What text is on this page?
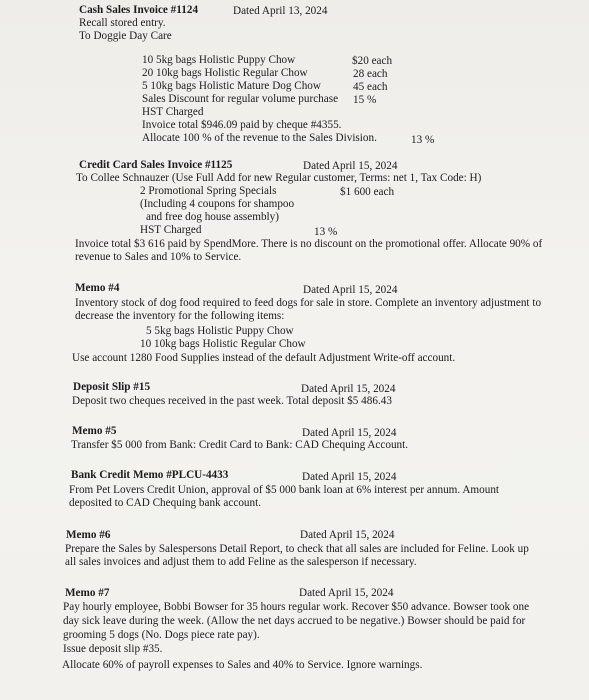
Cash Sales Invoice #1124	Dated April 13, 2024
Recall stored entry.
To Doggie Day Care
10 5kg bags Holistic Puppy Chow	$20 each
20 10kg bags Holistic Regular Chow	28 each
5 10kg bags Holistic Mature Dog Chow	45 each
Sales Discount for regular volume purchase 15 %
HST Charged
Invoice total $946.09 paid by cheque #4355.
Allocate 100 % of the revenue to the Sales Division.	13 %
Credit Card Sales Invoice #1125	Dated April 15, 2024
To Collee Schnauzer (Use Full Add for new Regular customer, Terms: net 1, Tax Code: H)
2 Promotional Spring Specials	$1 600 each
(Including 4 coupons for shampoo
and free dog house assembly)
HST Charged	13 %
Invoice total $3 616 paid by SpendMore. There is no discount on the promotional offer. Allocate 90% of
revenue to Sales and 10% to Service.
Memo #4	Dated April 15, 2024
Inventory stock of dog food required to feed dogs for sale in store. Complete an inventory adjustment to
decrease the inventory for the following items:
5 5kg bags Holistic Puppy Chow
10 10kg bags Holistic Regular Chow
Use account 1280 Food Supplies instead of the default Adjustment Write-off account.
Deposit Slip #15	Dated April 15, 2024
Deposit two cheques received in the past week. Total deposit $5 486.43
Memo #5	Dated April 15, 2024
Transfer $5 000 from Bank: Credit Card to Bank: CAD Chequing Account.
Bank Credit Memo #PLCU-4433	Dated April 15, 2024
From Pet Lovers Credit Union, approval of $5 000 bank loan at 6% interest per annum. Amount
deposited to CAD Chequing bank account.
Memo #6	Dated April 15, 2024
Prepare the Sales by Salespersons Detail Report, to check that all sales are included for Feline. Look up
all sales invoices and adjust them to add Feline as the salesperson if necessary.
Memo #7	Dated April 15, 2024
Pay hourly employee, Bobbi Bowser for 35 hours regular work. Recover $50 advance. Bowser took one
day sick leave during the week. (Allow the net days accrued to be negative.) Bowser should be paid for
grooming 5 dogs (No. Dogs piece rate pay).
Issue deposit slip #35.
Allocate 60% of payroll expenses to Sales and 40% to Service. Ignore warnings.
